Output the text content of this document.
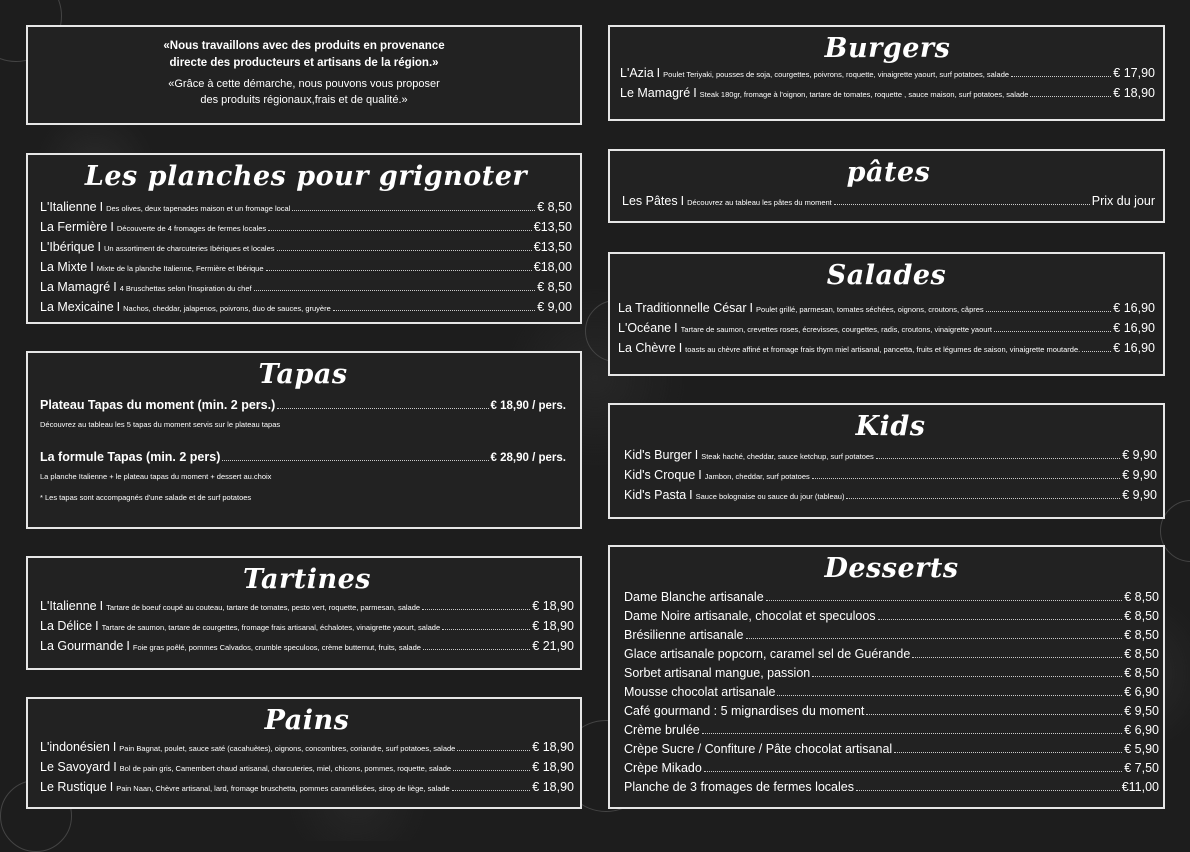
«Nous travaillons avec des produits en provenance
directe des producteurs et artisans de la région.»
«Grâce à cette démarche, nous pouvons vous proposer
des produits régionaux,frais et de qualité.»
Les planches pour grignoter
L'Italienne I Des olives, deux tapenades maison et un fromage local	€ 8,50
La Fermière I Découverte de 4 fromages de fermes locales	€13,50
L'Ibérique I Un assortiment de charcuteries Ibériques et locales	€13,50
La Mixte I Mixte de la planche Italienne, Fermière et Ibérique	€18,00
La Mamagré I 4 Bruschettas selon l'inspiration du chef	€ 8,50
La Mexicaine I Nachos, cheddar, jalapenos, poivrons, duo de sauces, gruyère	€ 9,00
Tapas
Plateau Tapas du moment (min. 2 pers.)	€ 18,90 / pers.
Découvrez au tableau les 5 tapas du moment servis sur le plateau tapas
La formule Tapas (min. 2 pers)	€ 28,90 / pers.
La planche Italienne + le plateau tapas du moment + dessert au.choix
* Les tapas sont accompagnés d'une salade et de surf potatoes
Tartines
L'Italienne I Tartare de boeuf coupé au couteau, tartare de tomates, pesto vert, roquette, parmesan, salade	€ 18,90
La Délice I Tartare de saumon, tartare de courgettes, fromage frais artisanal, échalotes, vinaigrette yaourt, salade	€ 18,90
La Gourmande I Foie gras poêlé, pommes Calvados, crumble speculoos, crème butternut, fruits, salade	€ 21,90
Pains
L'indonésien I Pain Bagnat, poulet, sauce saté (cacahuètes), oignons, concombres, coriandre, surf potatoes, salade	€ 18,90
Le Savoyard I Bol de pain gris, Camembert chaud artisanal, charcuteries, miel, chicons, pommes, roquette, salade	€ 18,90
Le Rustique I Pain Naan, Chèvre artisanal, lard, fromage bruschetta, pommes caramélisées, sirop de liège, salade	€ 18,90
Burgers
L'Azia I Poulet Teriyaki, pousses de soja, courgettes, poivrons, roquette, vinaigrette yaourt, surf potatoes, salade	€ 17,90
Le Mamagré I Steak 180gr, fromage à l'oignon, tartare de tomates, roquette , sauce maison, surf potatoes, salade	€ 18,90
pâtes
Les Pâtes I Découvrez au tableau les pâtes du moment	Prix du jour
Salades
La Traditionnelle César I Poulet grillé, parmesan, tomates séchées, oignons, croutons, câpres	€ 16,90
L'Océane I Tartare de saumon, crevettes roses, écrevisses, courgettes, radis, croutons, vinaigrette yaourt	€ 16,90
La Chèvre I toasts au chèvre affiné et fromage frais thym miel artisanal, pancetta, fruits et légumes de saison, vinaigrette moutarde.	€ 16,90
Kids
Kid's Burger I Steak haché, cheddar, sauce ketchup, surf potatoes	€ 9,90
Kid's Croque I Jambon, cheddar, surf potatoes	€ 9,90
Kid's Pasta I Sauce bolognaise ou sauce du jour (tableau)	€ 9,90
Desserts
Dame Blanche artisanale	€ 8,50
Dame Noire artisanale, chocolat et speculoos	€ 8,50
Brésilienne artisanale	€ 8,50
Glace artisanale popcorn, caramel sel de Guérande	€ 8,50
Sorbet artisanal mangue, passion	€ 8,50
Mousse chocolat artisanale	€ 6,90
Café gourmand : 5 mignardises du moment	€ 9,50
Crème brulée	€ 6,90
Crèpe Sucre / Confiture / Pâte chocolat artisanal	€ 5,90
Crèpe Mikado	€ 7,50
Planche de 3 fromages de fermes locales	€11,00
